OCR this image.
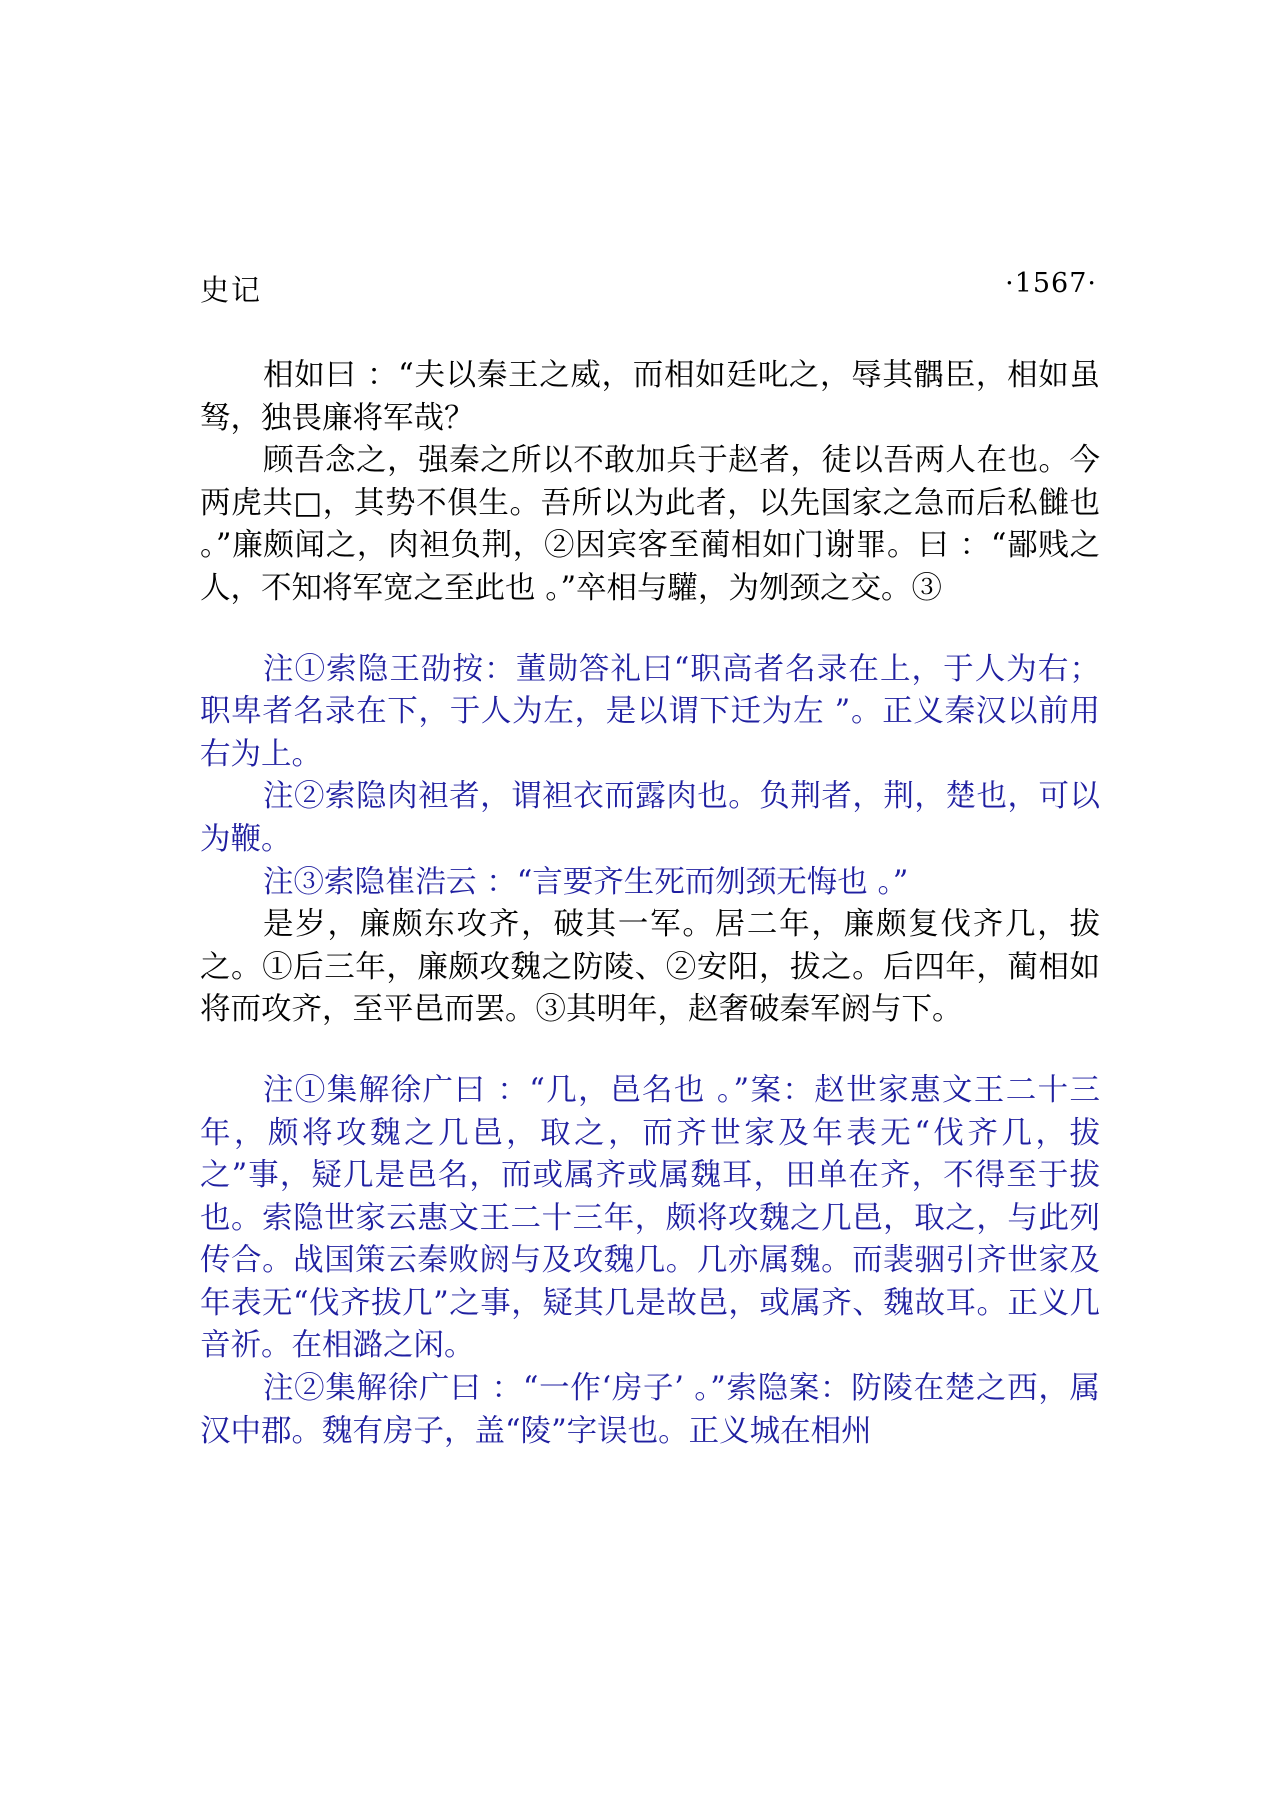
史记	·1567·

相如曰 ：“夫以秦王之威，而相如廷叱之，辱其髃臣，相如虽驽，独畏廉将军哉？

顾吾念之，强秦之所以不敢加兵于赵者，徒以吾两人在也。今两虎共□，其势不俱生。吾所以为此者，以先国家之急而后私雠也 。”廉颇闻之，肉袒负荆，②因宾客至蔺相如门谢罪。曰 ：“鄙贱之人，不知将军宽之至此也 。”卒相与驩，为刎颈之交。③

注①索隐王劭按：董勋答礼曰“职高者名录在上，于人为右；职卑者名录在下，于人为左，是以谓下迁为左 ”。正义秦汉以前用右为上。

注②索隐肉袒者，谓袒衣而露肉也。负荆者，荆，楚也，可以为鞭。

注③索隐崔浩云 ：“言要齐生死而刎颈无悔也 。”

是岁，廉颇东攻齐，破其一军。居二年，廉颇复伐齐几，拔之。①后三年，廉颇攻魏之防陵、②安阳，拔之。后四年，蔺相如将而攻齐，至平邑而罢。③其明年，赵奢破秦军阏与下。

注①集解徐广曰 ：“几，邑名也 。”案：赵世家惠文王二十三年，颇将攻魏之几邑，取之，而齐世家及年表无“伐齐几，拔之”事，疑几是邑名，而或属齐或属魏耳，田单在齐，不得至于拔也。索隐世家云惠文王二十三年，颇将攻魏之几邑，取之，与此列传合。战国策云秦败阏与及攻魏几。几亦属魏。而裴骃引齐世家及年表无“伐齐拔几”之事，疑其几是故邑，或属齐、魏故耳。正义几音祈。在相潞之闲。

注②集解徐广曰 ：“一作‘房子’ 。”索隐案：防陵在楚之西，属汉中郡。魏有房子，盖“陵”字误也。正义城在相州
